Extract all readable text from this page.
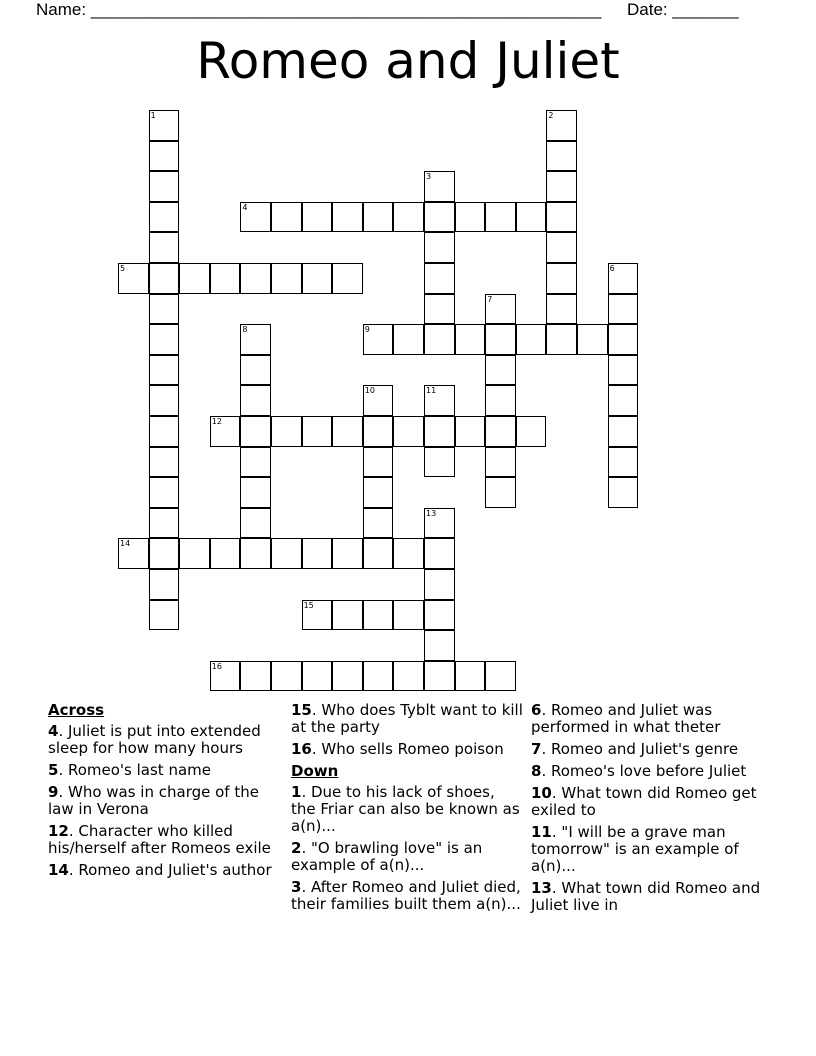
Name: ______________________________________________________ Date: _______
Romeo and Juliet
1	2
3
4
5	6
7
8	9
10	11
12
13
14
15
16
Across
4. Juliet is put into extended sleep for how many hours
5. Romeo's last name
9. Who was in charge of the law in Verona
12. Character who killed his/herself after Romeos exile
14. Romeo and Juliet's author
15. Who does Tyblt want to kill at the party
16. Who sells Romeo poison
Down
1. Due to his lack of shoes, the Friar can also be known as a(n)...
2. "O brawling love" is an example of a(n)...
3. After Romeo and Juliet died, their families built them a(n)...
6. Romeo and Juliet was performed in what theter
7. Romeo and Juliet's genre
8. Romeo's love before Juliet
10. What town did Romeo get exiled to
11. "I will be a grave man tomorrow" is an example of a(n)...
13. What town did Romeo and Juliet live in
